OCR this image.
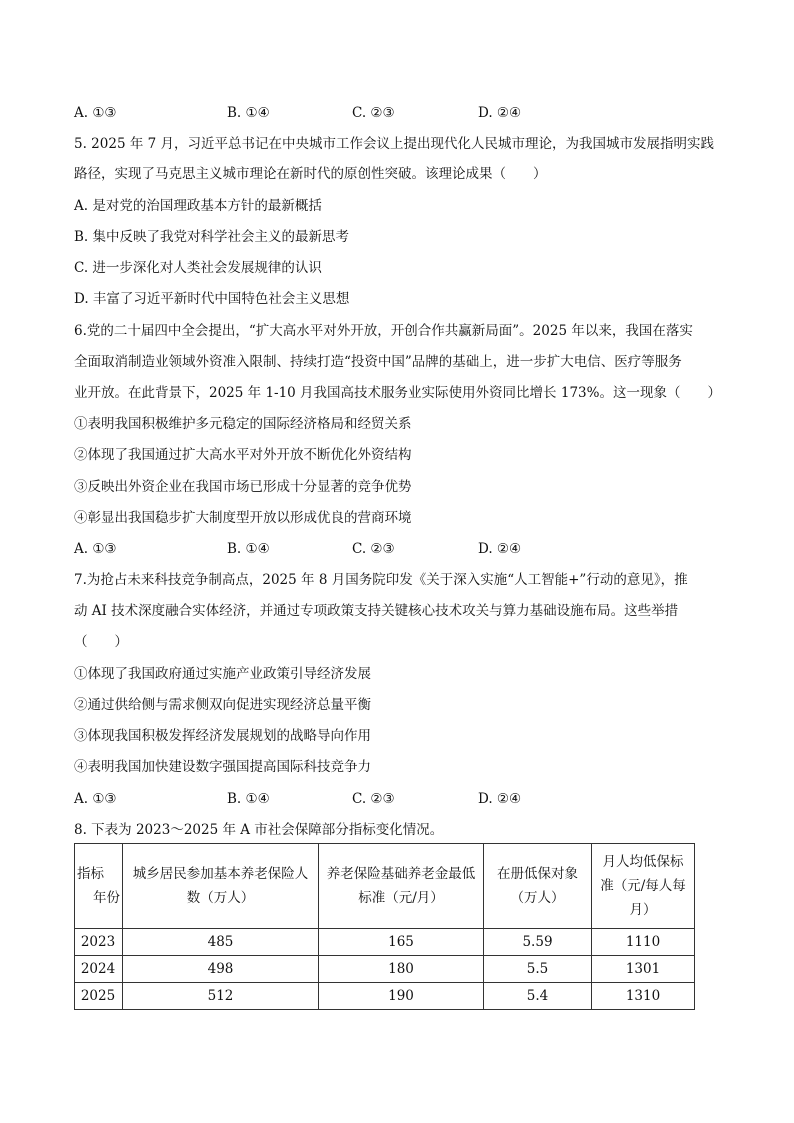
A. ①③	B. ①④	C. ②③	D. ②④
5. 2025 年 7 月，习近平总书记在中央城市工作会议上提出现代化人民城市理论，为我国城市发展指明实践
路径，实现了马克思主义城市理论在新时代的原创性突破。该理论成果（　　）
A. 是对党的治国理政基本方针的最新概括
B. 集中反映了我党对科学社会主义的最新思考
C. 进一步深化对人类社会发展规律的认识
D. 丰富了习近平新时代中国特色社会主义思想
6.党的二十届四中全会提出，“扩大高水平对外开放，开创合作共赢新局面”。2025 年以来，我国在落实
全面取消制造业领域外资准入限制、持续打造“投资中国”品牌的基础上，进一步扩大电信、医疗等服务
业开放。在此背景下，2025 年 1-10 月我国高技术服务业实际使用外资同比增长 173%。这一现象（　　）
①表明我国积极维护多元稳定的国际经济格局和经贸关系
②体现了我国通过扩大高水平对外开放不断优化外资结构
③反映出外资企业在我国市场已形成十分显著的竞争优势
④彰显出我国稳步扩大制度型开放以形成优良的营商环境
A. ①③	B. ①④	C. ②③	D. ②④
7.为抢占未来科技竞争制高点，2025 年 8 月国务院印发《关于深入实施“人工智能+”行动的意见》，推
动 AI 技术深度融合实体经济，并通过专项政策支持关键核心技术攻关与算力基础设施布局。这些举措
（　　）
①体现了我国政府通过实施产业政策引导经济发展
②通过供给侧与需求侧双向促进实现经济总量平衡
③体现我国积极发挥经济发展规划的战略导向作用
④表明我国加快建设数字强国提高国际科技竞争力
A. ①③	B. ①④	C. ②③	D. ②④
8. 下表为 2023～2025 年 A 市社会保障部分指标变化情况。
指标
年份	城乡居民参加基本养老保险人数（万人）	养老保险基础养老金最低标准（元/月）	在册低保对象（万人）	月人均低保标准（元/每人每月）
2023	485	165	5.59	1110
2024	498	180	5.5	1301
2025	512	190	5.4	1310
